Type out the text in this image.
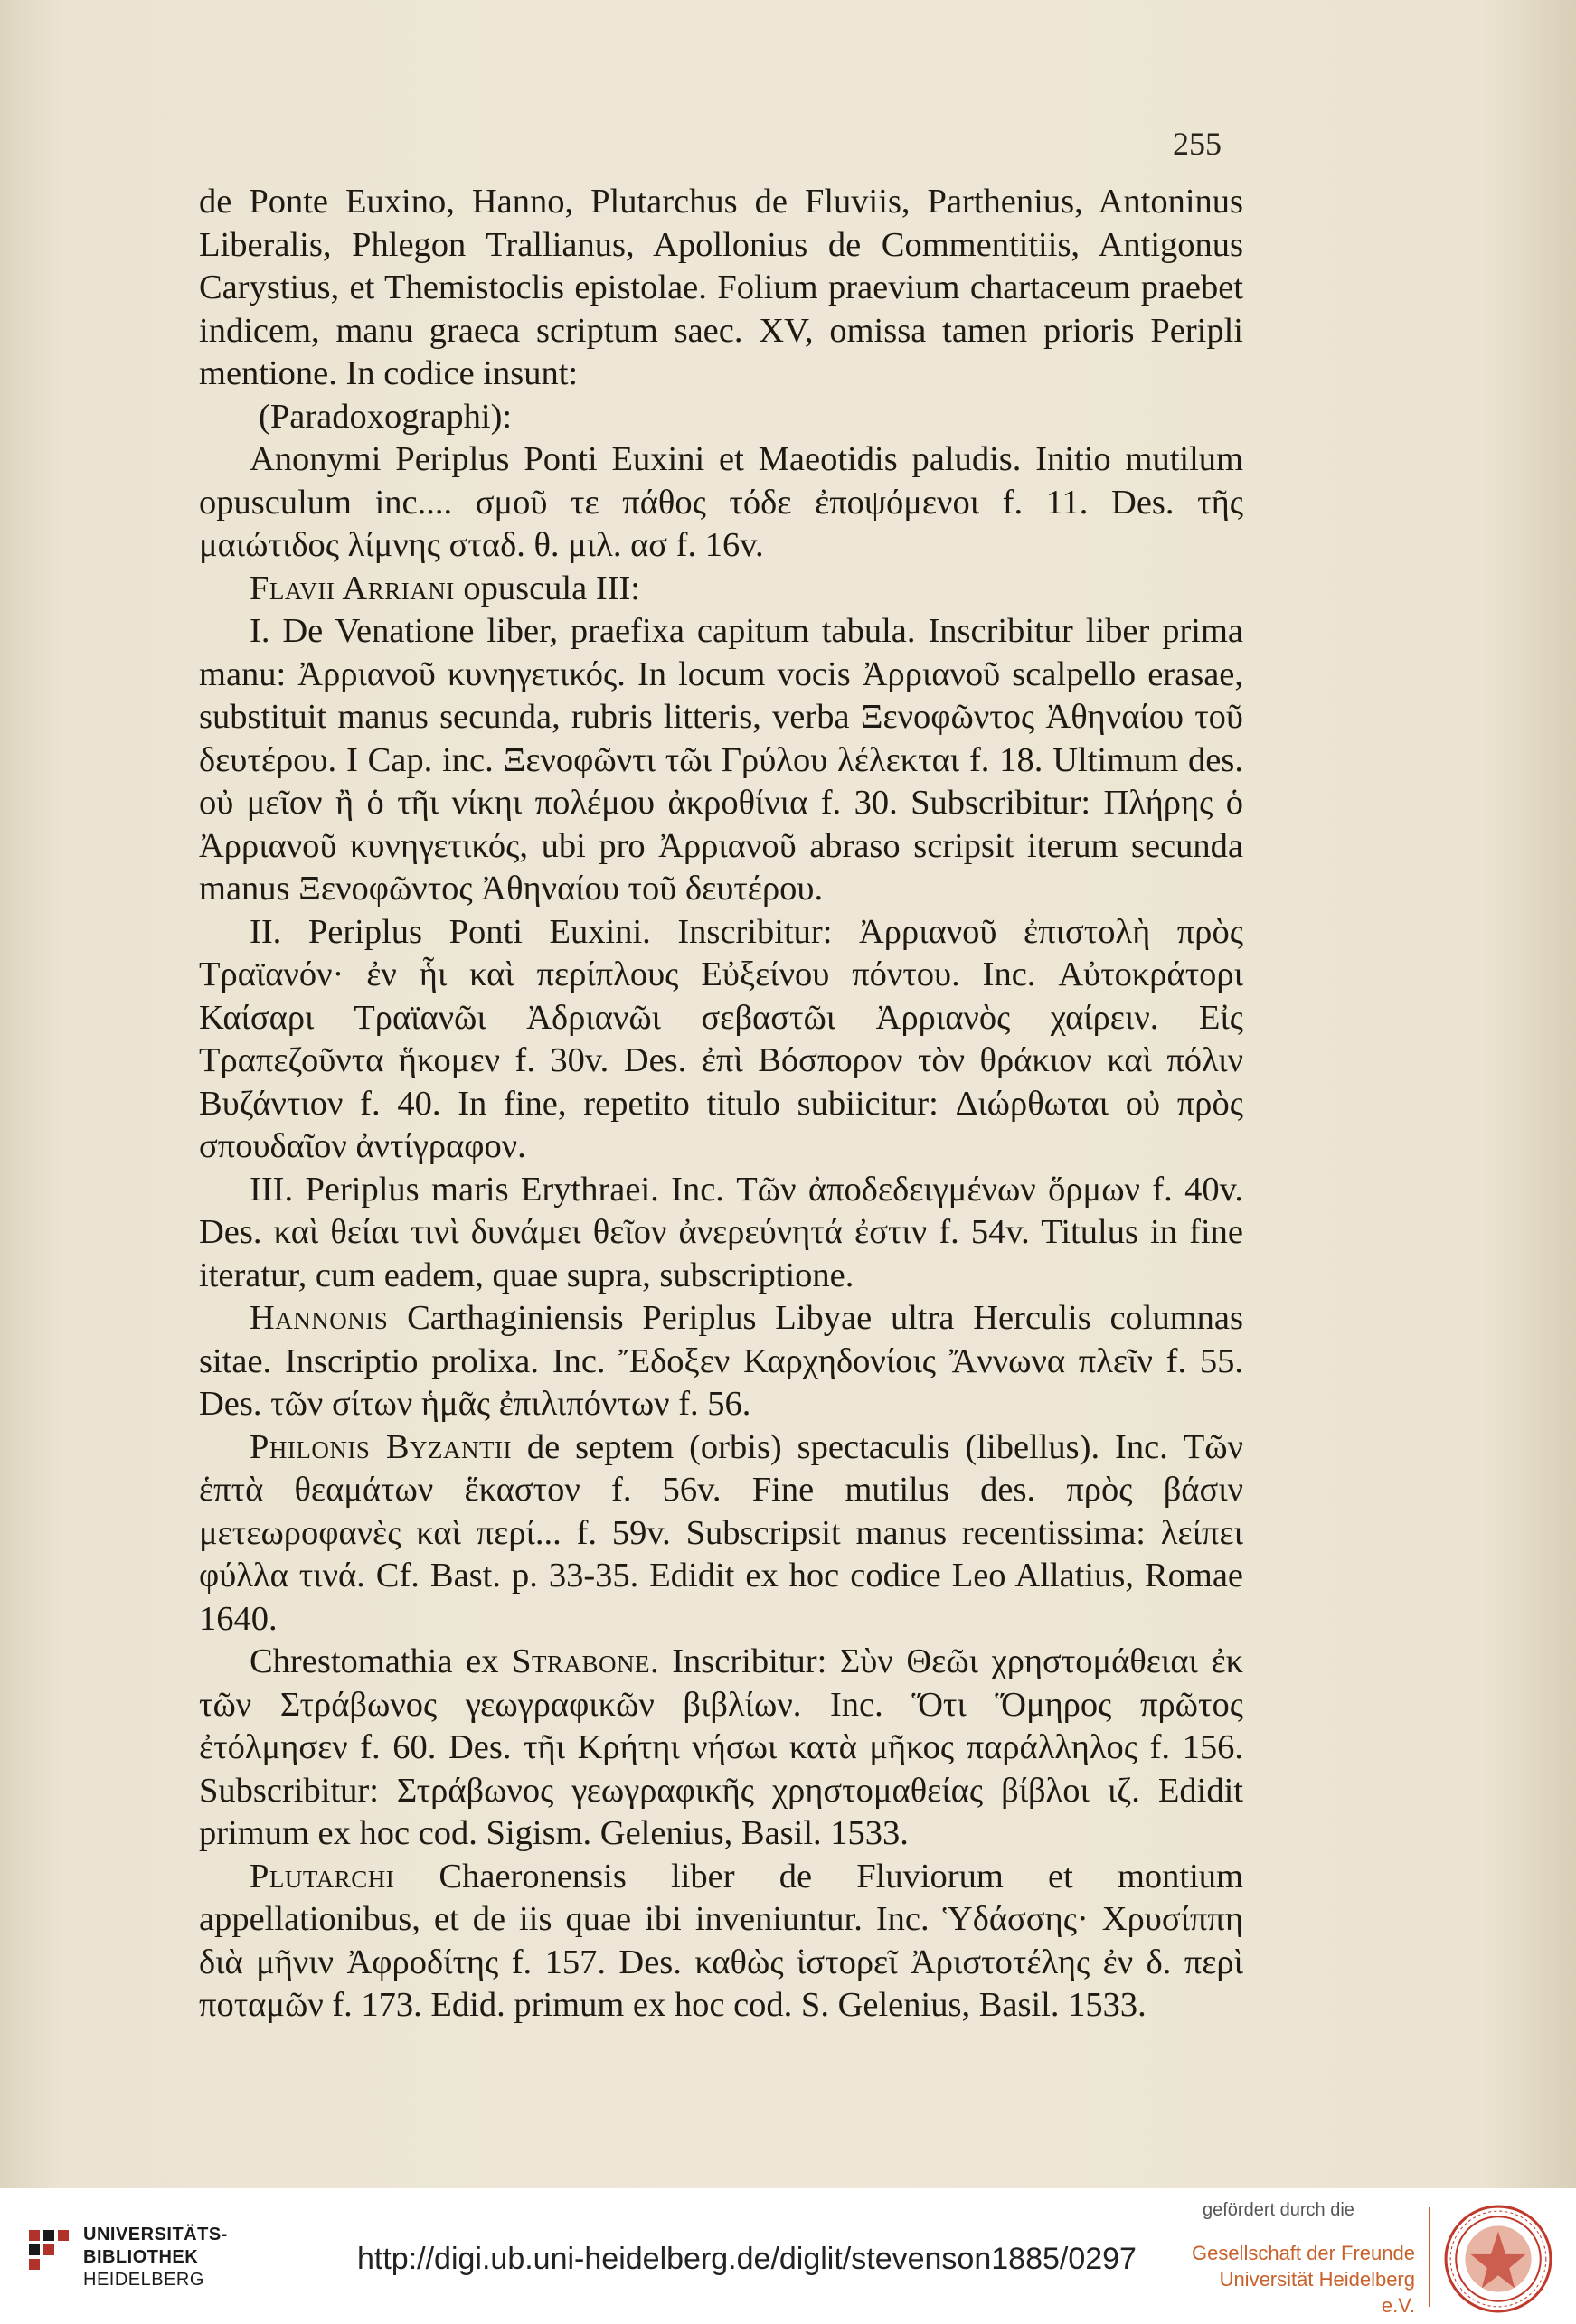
255

de Ponte Euxino, Hanno, Plutarchus de Fluviis, Parthenius, Antoninus Liberalis, Phlegon Trallianus, Apollonius de Commentitiis, Antigonus Carystius, et Themistoclis epistolae. Folium praevium chartaceum praebet indicem, manu graeca scriptum saec. XV, omissa tamen prioris Peripli mentione. In codice insunt:

(Paradoxographi):

Anonymi Periplus Ponti Euxini et Maeotidis paludis. Initio mutilum opusculum inc.... σμοῦ τε πάθος τόδε ἐποψόμενοι f. 11. Des. τῆς μαιώτιδος λίμνης σταδ. θ. μιλ. ασ f. 16v.

Flavii Arriani opuscula III:

I. De Venatione liber, praefixa capitum tabula. Inscribitur liber prima manu: Ἀρριανοῦ κυνηγετικός. In locum vocis Ἀρριανοῦ scalpello erasae, substituit manus secunda, rubris litteris, verba Ξενοφῶντος Ἀθηναίου τοῦ δευτέρου. I Cap. inc. Ξενοφῶντι τῶι Γρύλου λέλεκται f. 18. Ultimum des. οὐ μεῖον ἢ ὁ τῆι νίκηι πολέμου ἀκροθίνια f. 30. Subscribitur: Πλήρης ὁ Ἀρριανοῦ κυνηγετικός, ubi pro Ἀρριανοῦ abraso scripsit iterum secunda manus Ξενοφῶντος Ἀθηναίου τοῦ δευτέρου.

II. Periplus Ponti Euxini. Inscribitur: Ἀρριανοῦ ἐπιστολὴ πρὸς Τραϊανόν· ἐν ἧι καὶ περίπλους Εὐξείνου πόντου. Inc. Αὐτοκράτορι Καίσαρι Τραϊανῶι Ἀδριανῶι σεβαστῶι Ἀρριανὸς χαίρειν. Εἰς Τραπεζοῦντα ἥκομεν f. 30v. Des. ἐπὶ Βόσπορον τὸν θράκιον καὶ πόλιν Βυζάντιον f. 40. In fine, repetito titulo subiicitur: Διώρθωται οὐ πρὸς σπουδαῖον ἀντίγραφον.

III. Periplus maris Erythraei. Inc. Τῶν ἀποδεδειγμένων ὅρμων f. 40v. Des. καὶ θείαι τινὶ δυνάμει θεῖον ἀνερεύνητά ἐστιν f. 54v. Titulus in fine iteratur, cum eadem, quae supra, subscriptione.

Hannonis Carthaginiensis Periplus Libyae ultra Herculis columnas sitae. Inscriptio prolixa. Inc. Ἔδοξεν Καρχηδονίοις Ἄννωνα πλεῖν f. 55. Des. τῶν σίτων ἡμᾶς ἐπιλιπόντων f. 56.

Philonis Byzantii de septem (orbis) spectaculis (libellus). Inc. Τῶν ἑπτὰ θεαμάτων ἕκαστον f. 56v. Fine mutilus des. πρὸς βάσιν μετεωροφανὲς καὶ περί... f. 59v. Subscripsit manus recentissima: λείπει φύλλα τινά. Cf. Bast. p. 33-35. Edidit ex hoc codice Leo Allatius, Romae 1640.

Chrestomathia ex Strabone. Inscribitur: Σὺν Θεῶι χρηστομάθειαι ἐκ τῶν Στράβωνος γεωγραφικῶν βιβλίων. Inc. Ὅτι Ὅμηρος πρῶτος ἐτόλμησεν f. 60. Des. τῆι Κρήτηι νήσωι κατὰ μῆκος παράλληλος f. 156. Subscribitur: Στράβωνος γεωγραφικῆς χρηστομαθείας βίβλοι ιζ. Edidit primum ex hoc cod. Sigism. Gelenius, Basil. 1533.

Plutarchi Chaeronensis liber de Fluviorum et montium appellationibus, et de iis quae ibi inveniuntur. Inc. Ὑδάσσης· Χρυσίππη διὰ μῆνιν Ἀφροδίτης f. 157. Des. καθὼς ἱστορεῖ Ἀριστοτέλης ἐν δ. περὶ ποταμῶν f. 173. Edid. primum ex hoc cod. S. Gelenius, Basil. 1533.

UNIVERSITÄTS-
BIBLIOTHEK
HEIDELBERG
http://digi.ub.uni-heidelberg.de/diglit/stevenson1885/0297
gefördert durch die
Gesellschaft der Freunde
Universität Heidelberg e.V.
